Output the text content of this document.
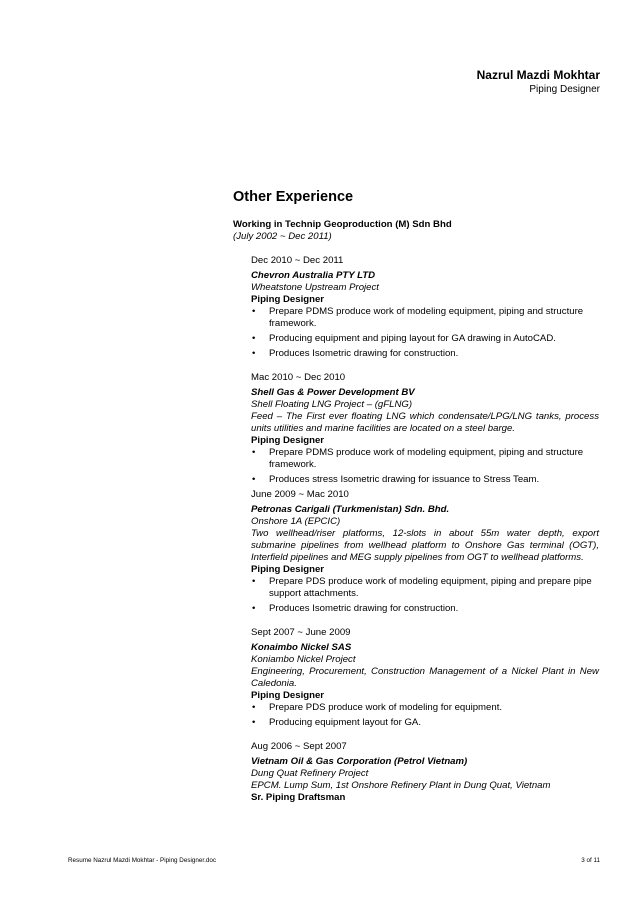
Nazrul Mazdi Mokhtar
Piping Designer
Other Experience
Working in Technip Geoproduction (M) Sdn Bhd
(July 2002 ~ Dec 2011)
Dec 2010 ~ Dec 2011
Chevron Australia PTY LTD
Wheatstone Upstream Project
Piping Designer
• Prepare PDMS produce work of modeling equipment, piping and structure framework.
• Producing equipment and piping layout for GA drawing in AutoCAD.
• Produces Isometric drawing for construction.
Mac 2010 ~ Dec 2010
Shell Gas & Power Development BV
Shell Floating LNG Project – (gFLNG)
Feed – The First ever floating LNG which condensate/LPG/LNG tanks, process units utilities and marine facilities are located on a steel barge.
Piping Designer
• Prepare PDMS produce work of modeling equipment, piping and structure framework.
• Produces stress Isometric drawing for issuance to Stress Team.
June 2009 ~ Mac 2010
Petronas Carigali (Turkmenistan) Sdn. Bhd.
Onshore 1A (EPCIC)
Two wellhead/riser platforms, 12-slots in about 55m water depth, export submarine pipelines from wellhead platform to Onshore Gas terminal (OGT), Interfield pipelines and MEG supply pipelines from OGT to wellhead platforms.
Piping Designer
• Prepare PDS produce work of modeling equipment, piping and prepare pipe support attachments.
• Produces Isometric drawing for construction.
Sept 2007 ~ June 2009
Konaimbo Nickel SAS
Koniambo Nickel Project
Engineering, Procurement, Construction Management of a Nickel Plant in New Caledonia.
Piping Designer
• Prepare PDS produce work of modeling for equipment.
• Producing equipment layout for GA.
Aug 2006 ~ Sept 2007
Vietnam Oil & Gas Corporation (Petrol Vietnam)
Dung Quat Refinery Project
EPCM. Lump Sum, 1st Onshore Refinery Plant in Dung Quat, Vietnam
Sr. Piping Draftsman
Resume Nazrul Mazdi Mokhtar - Piping Designer.doc	3 of 11
